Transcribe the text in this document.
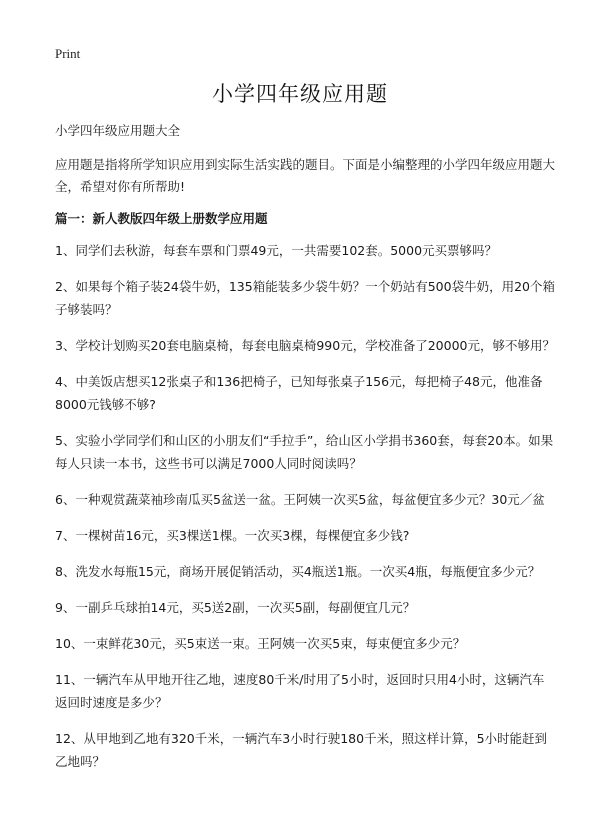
Print
小学四年级应用题

小学四年级应用题大全

应用题是指将所学知识应用到实际生活实践的题目。下面是小编整理的小学四年级应用题大全，希望对你有所帮助!

篇一：新人教版四年级上册数学应用题

1、同学们去秋游，每套车票和门票49元，一共需要102套。5000元买票够吗？
2、如果每个箱子装24袋牛奶，135箱能装多少袋牛奶？一个奶站有500袋牛奶，用20个箱子够装吗？
3、学校计划购买20套电脑桌椅，每套电脑桌椅990元，学校准备了20000元，够不够用？
4、中美饭店想买12张桌子和136把椅子，已知每张桌子156元，每把椅子48元，他准备8000元钱够不够?
5、实验小学同学们和山区的小朋友们“手拉手”，给山区小学捐书360套，每套20本。如果每人只读一本书，这些书可以满足7000人同时阅读吗？
6、一种观赏蔬菜袖珍南瓜买5盆送一盆。王阿姨一次买5盆，每盆便宜多少元？30元／盆
7、一棵树苗16元，买3棵送1棵。一次买3棵，每棵便宜多少钱?
8、洗发水每瓶15元，商场开展促销活动，买4瓶送1瓶。一次买4瓶，每瓶便宜多少元？
9、一副乒乓球拍14元，买5送2副，一次买5副，每副便宜几元？
10、一束鲜花30元，买5束送一束。王阿姨一次买5束，每束便宜多少元？
11、一辆汽车从甲地开往乙地，速度80千米/时用了5小时，返回时只用4小时，这辆汽车返回时速度是多少？
12、从甲地到乙地有320千米，一辆汽车3小时行驶180千米，照这样计算，5小时能赶到乙地吗？
